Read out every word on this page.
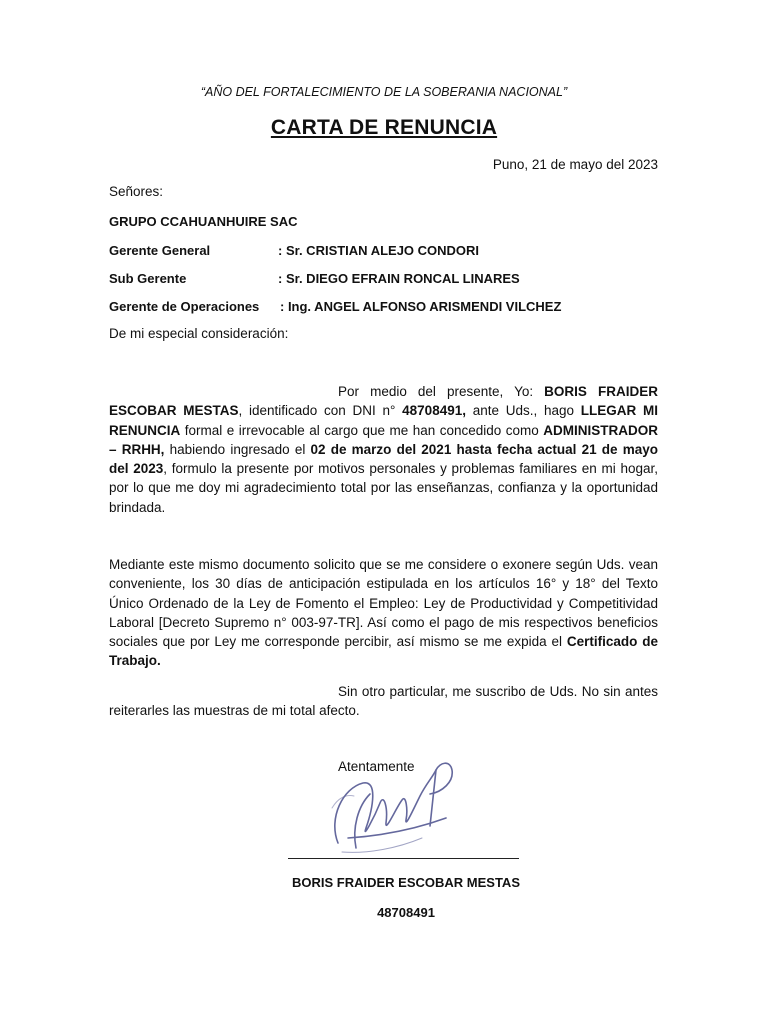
“AÑO DEL FORTALECIMIENTO DE LA SOBERANIA NACIONAL”
CARTA DE RENUNCIA
Puno, 21 de mayo del 2023
Señores:
GRUPO CCAHUANHUIRE SAC
Gerente General	: Sr. CRISTIAN ALEJO CONDORI
Sub Gerente	: Sr. DIEGO EFRAIN RONCAL LINARES
Gerente de Operaciones : Ing. ANGEL ALFONSO ARISMENDI VILCHEZ
De mi especial consideración:
Por medio del presente, Yo: BORIS FRAIDER ESCOBAR MESTAS, identificado con DNI n° 48708491, ante Uds., hago LLEGAR MI RENUNCIA formal e irrevocable al cargo que me han concedido como ADMINISTRADOR – RRHH, habiendo ingresado el 02 de marzo del 2021 hasta fecha actual 21 de mayo del 2023, formulo la presente por motivos personales y problemas familiares en mi hogar, por lo que me doy mi agradecimiento total por las enseñanzas, confianza y la oportunidad brindada.
Mediante este mismo documento solicito que se me considere o exonere según Uds. vean conveniente, los 30 días de anticipación estipulada en los artículos 16° y 18° del Texto Único Ordenado de la Ley de Fomento el Empleo: Ley de Productividad y Competitividad Laboral [Decreto Supremo n° 003-97-TR]. Así como el pago de mis respectivos beneficios sociales que por Ley me corresponde percibir, así mismo se me expida el Certificado de Trabajo.
Sin otro particular, me suscribo de Uds. No sin antes reiterarles las muestras de mi total afecto.
Atentamente
BORIS FRAIDER ESCOBAR MESTAS
48708491
